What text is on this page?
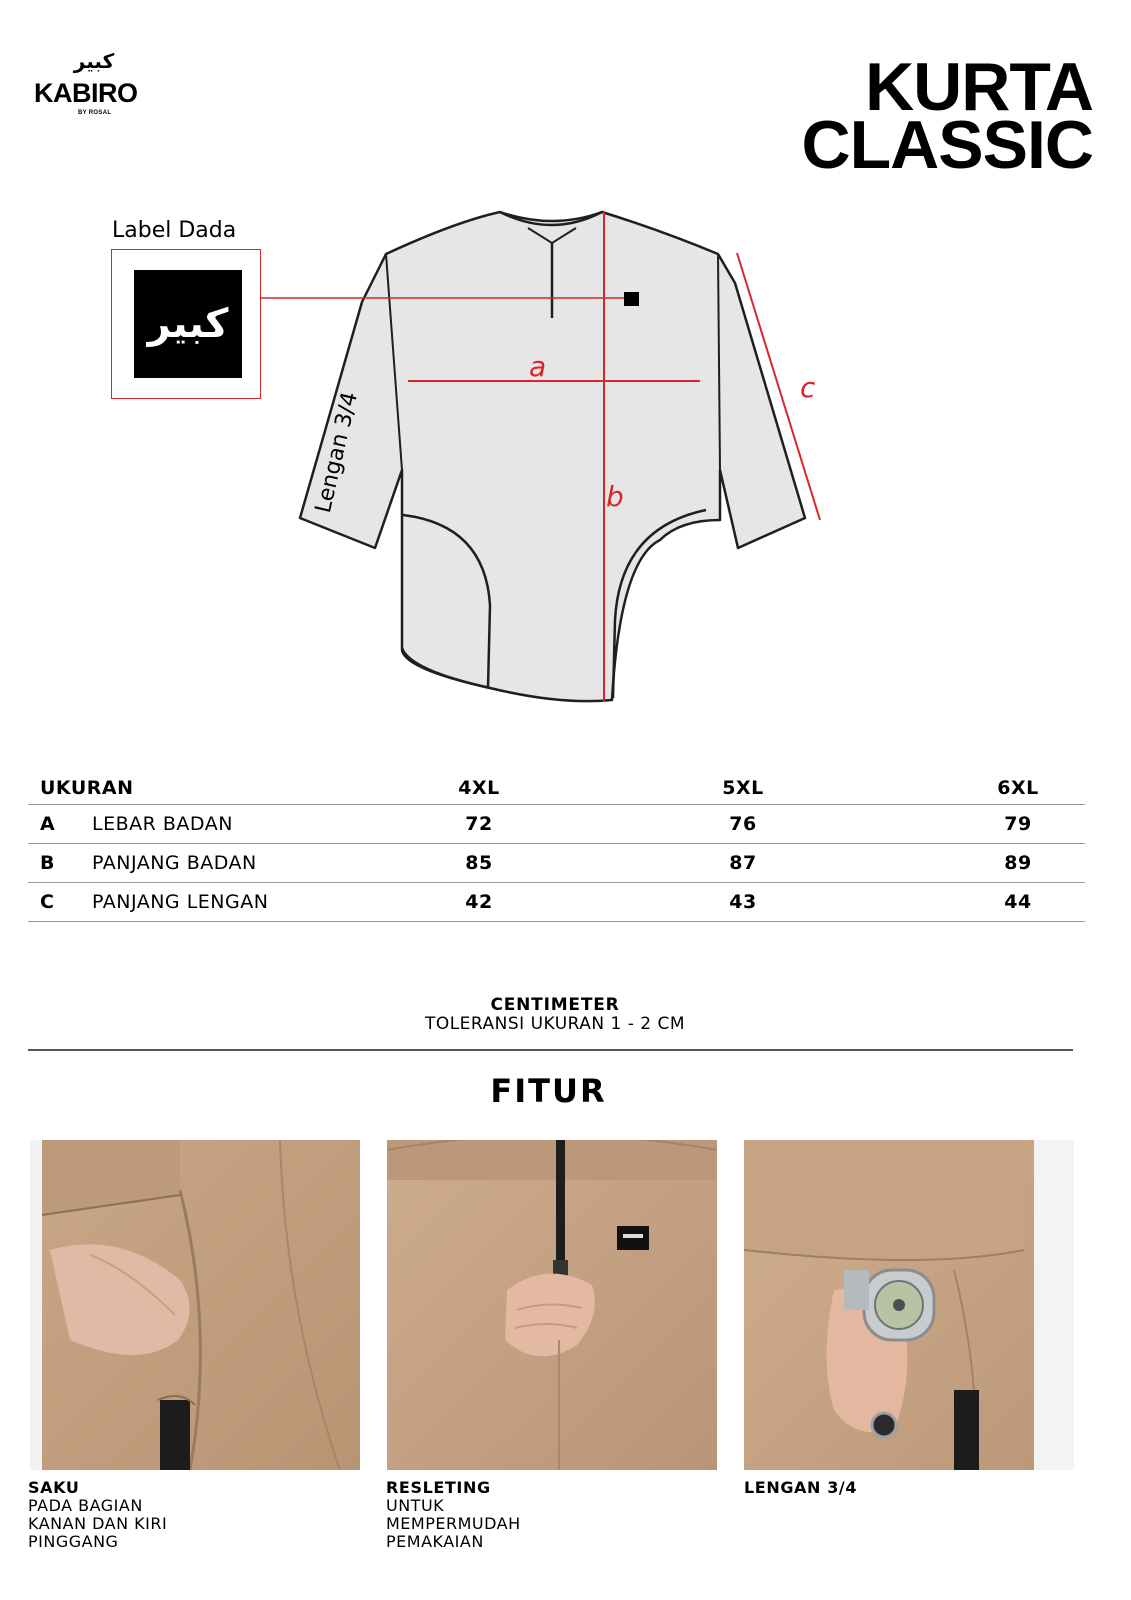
كبير
KABIRO
BY ROSAL	KURTA
CLASSIC
Label Dada
كبير
Lengan 3/4
a
b
c
UKURAN	4XL	5XL	6XL
A	LEBAR BADAN	72	76	79
B	PANJANG BADAN	85	87	89
C	PANJANG LENGAN	42	43	44
CENTIMETER
TOLERANSI UKURAN 1 - 2 CM
FITUR
SAKU
PADA BAGIAN
KANAN DAN KIRI
PINGGANG
RESLETING
UNTUK
MEMPERMUDAH
PEMAKAIAN
LENGAN 3/4
